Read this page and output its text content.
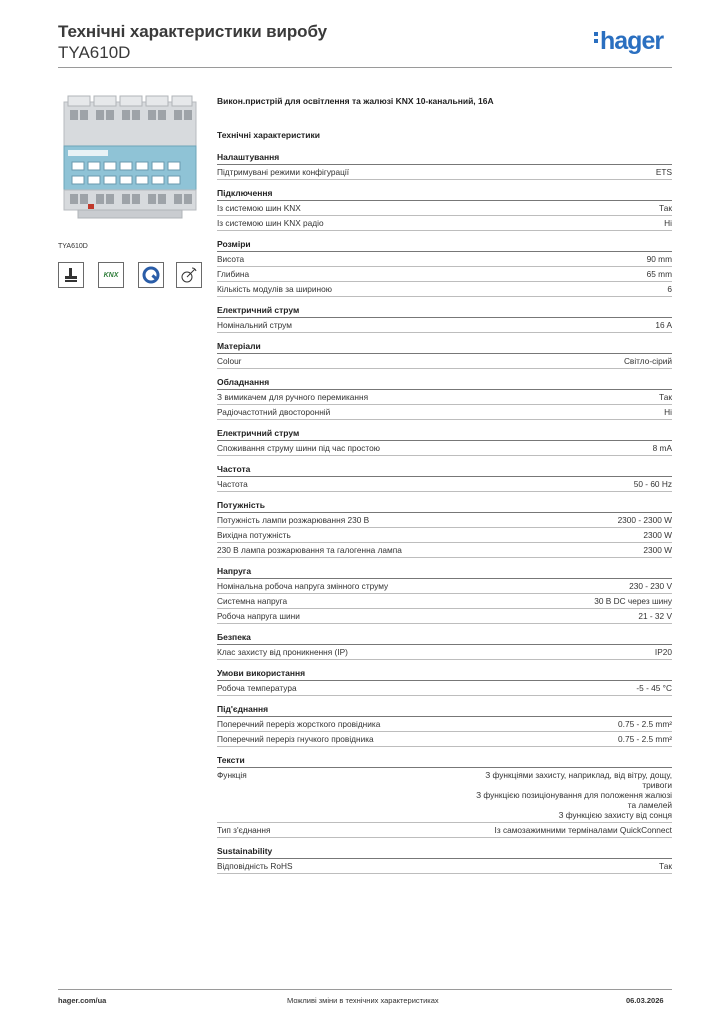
Технічні характеристики виробу
TYA610D	hager
TYA610D
KNX
Викон.пристрій для освітлення та жалюзі KNX 10-канальний, 16А
Технічні характеристики
Налаштування
Підтримувані режими конфігурації	ETS
Підключення
Із системою шин KNX	Так
Із системою шин KNX радіо	Ні
Розміри
Висота	90 mm
Глибина	65 mm
Кількість модулів за шириною	6
Електричний струм
Номінальний струм	16 A
Матеріали
Colour	Світло-сірий
Обладнання
З вимикачем для ручного перемикання	Так
Радіочастотний двосторонній	Ні
Електричний струм
Споживання струму шини під час простою	8 mA
Частота
Частота	50 - 60 Hz
Потужність
Потужність лампи розжарювання 230 В	2300 - 2300 W
Вихідна потужність	2300 W
230 В лампа розжарювання та галогенна лампа	2300 W
Напруга
Номінальна робоча напруга змінного струму	230 - 230 V
Системна напруга	30 В DC через шину
Робоча напруга шини	21 - 32 V
Безпека
Клас захисту від проникнення (IP)	IP20
Умови використання
Робоча температура	-5 - 45 °C
Під'єднання
Поперечний переріз жорсткого провідника	0.75 - 2.5 mm²
Поперечний переріз гнучкого провідника	0.75 - 2.5 mm²
Тексти
Функція	З функціями захисту, наприклад, від вітру, дощу,
тривоги
З функцією позиціонування для положення жалюзі
та ламелей
З функцією захисту від сонця
Тип з'єднання	Із самозажимними терміналами QuickConnect
Sustainability
Відповідність RoHS	Так
hager.com/ua	Можливі зміни в технічних характеристиках	06.03.2026
